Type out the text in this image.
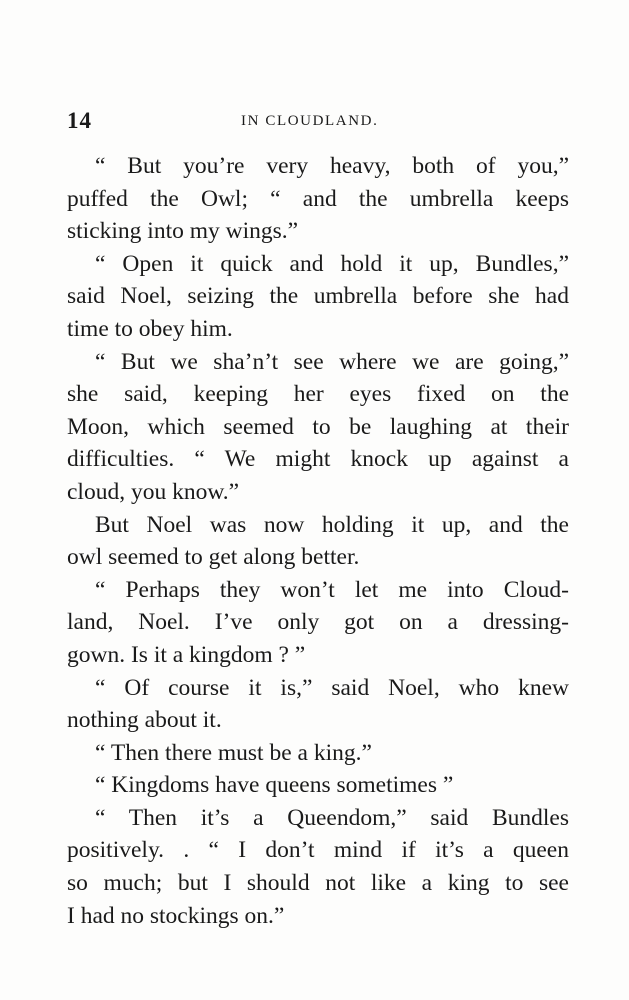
14	IN CLOUDLAND.
“ But you’re very heavy, both of you,”
puffed the Owl; “ and the umbrella keeps
sticking into my wings.”
“ Open it quick and hold it up, Bundles,”
said Noel, seizing the umbrella before she had
time to obey him.
“ But we sha’n’t see where we are going,”
she said, keeping her eyes fixed on the
Moon, which seemed to be laughing at their
difficulties. “ We might knock up against a
cloud, you know.”
But Noel was now holding it up, and the
owl seemed to get along better.
“ Perhaps they won’t let me into Cloud-
land, Noel. I’ve only got on a dressing-
gown. Is it a kingdom ? ”
“ Of course it is,” said Noel, who knew
nothing about it.
“ Then there must be a king.”
“ Kingdoms have queens sometimes ”
“ Then it’s a Queendom,” said Bundles
positively. . “ I don’t mind if it’s a queen
so much; but I should not like a king to see
I had no stockings on.”
